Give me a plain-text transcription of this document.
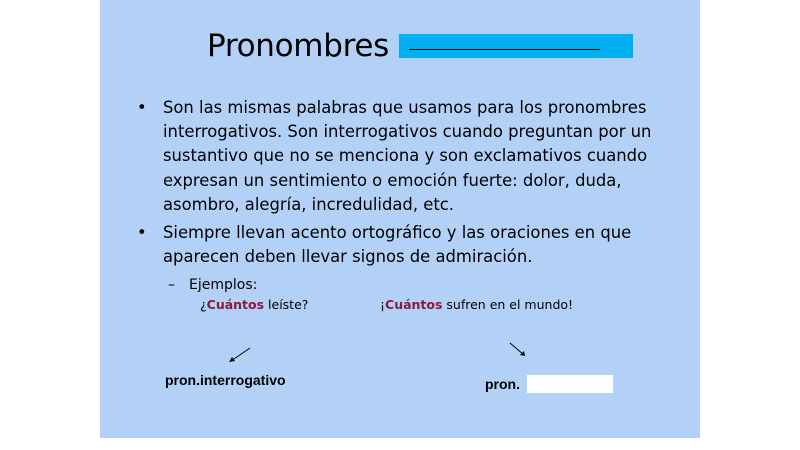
Pronombres
• Son las mismas palabras que usamos para los pronombres interrogativos. Son interrogativos cuando preguntan por un sustantivo que no se menciona y son exclamativos cuando expresan un sentimiento o emoción fuerte: dolor, duda, asombro, alegría, incredulidad, etc.
• Siempre llevan acento ortográfico y las oraciones en que aparecen deben llevar signos de admiración.
– Ejemplos:
¿Cuántos leíste?	¡Cuántos sufren en el mundo!
pron.interrogativo	pron.
